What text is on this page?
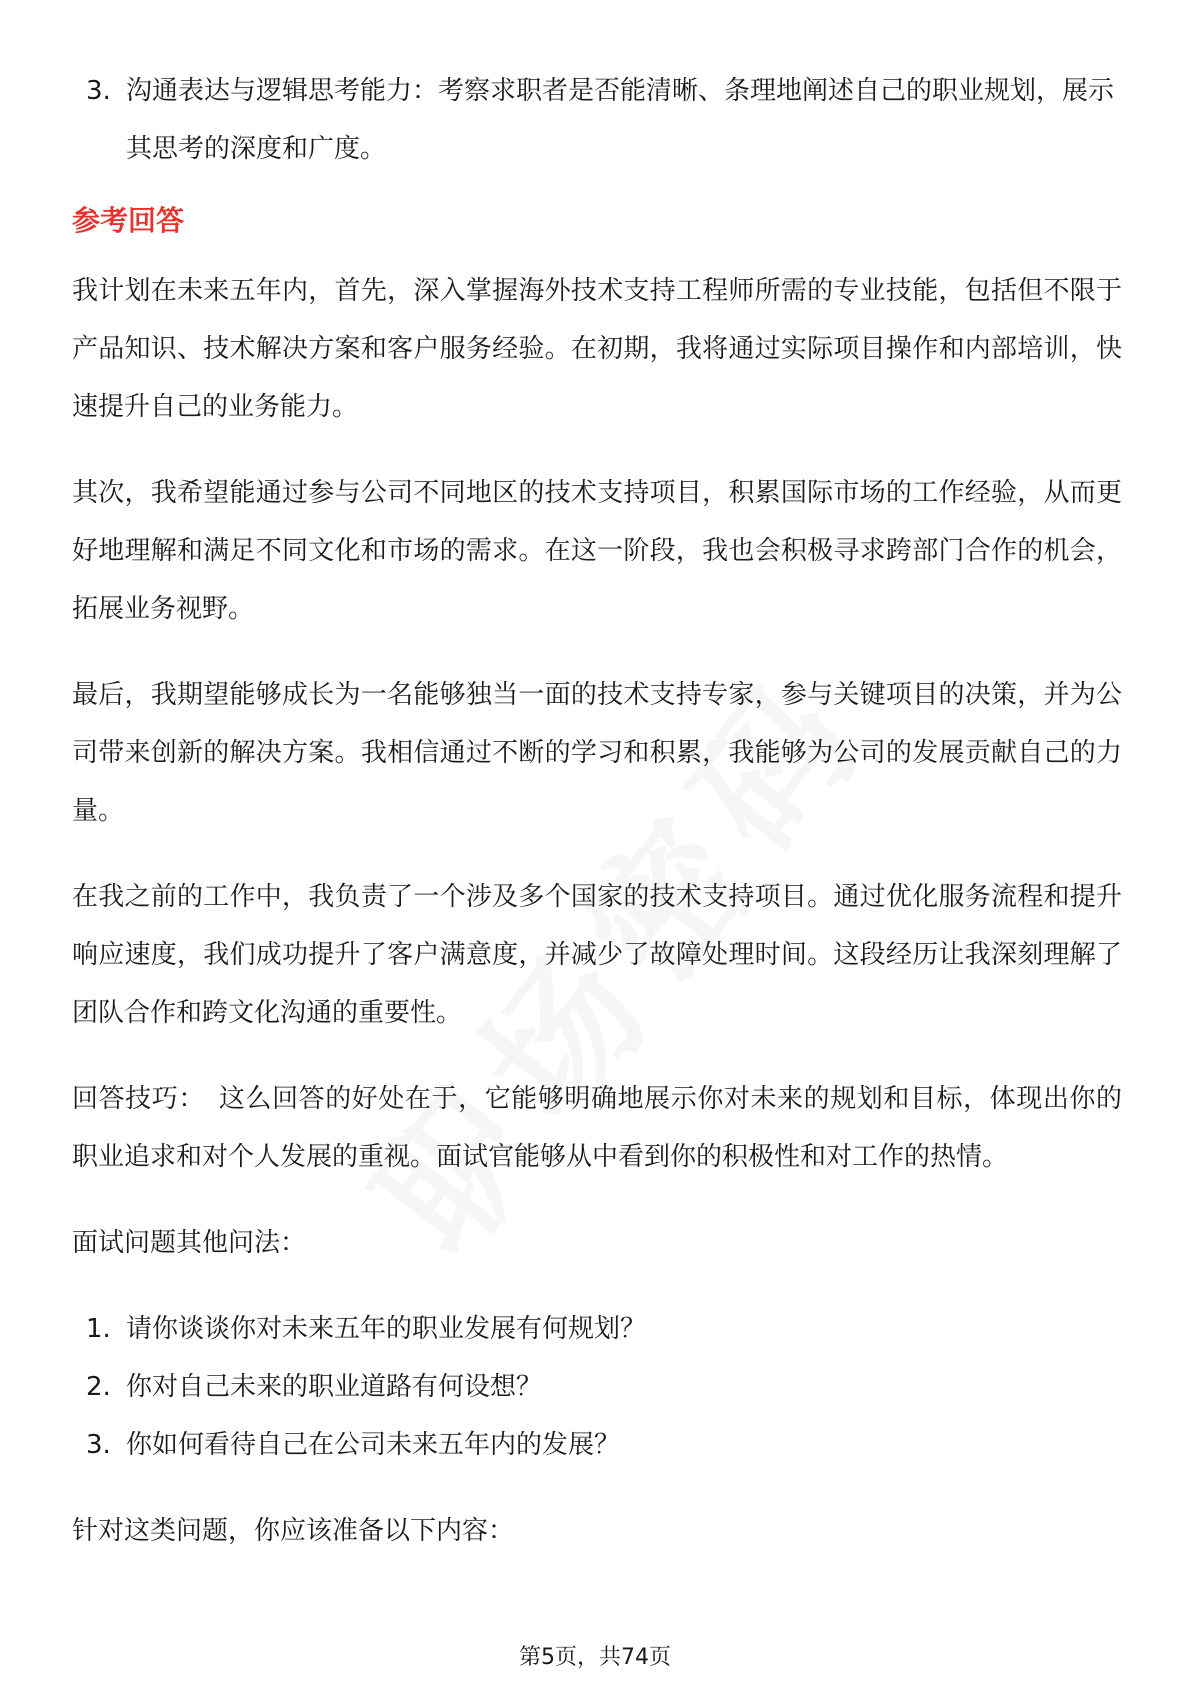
3. 沟通表达与逻辑思考能力：考察求职者是否能清晰、条理地阐述自己的职业规划，展示其思考的深度和广度。
参考回答

我计划在未来五年内，首先，深入掌握海外技术支持工程师所需的专业技能，包括但不限于产品知识、技术解决方案和客户服务经验。在初期，我将通过实际项目操作和内部培训，快速提升自己的业务能力。

其次，我希望能通过参与公司不同地区的技术支持项目，积累国际市场的工作经验，从而更好地理解和满足不同文化和市场的需求。在这一阶段，我也会积极寻求跨部门合作的机会，拓展业务视野。

最后，我期望能够成长为一名能够独当一面的技术支持专家，参与关键项目的决策，并为公司带来创新的解决方案。我相信通过不断的学习和积累，我能够为公司的发展贡献自己的力量。

在我之前的工作中，我负责了一个涉及多个国家的技术支持项目。通过优化服务流程和提升响应速度，我们成功提升了客户满意度，并减少了故障处理时间。这段经历让我深刻理解了团队合作和跨文化沟通的重要性。

回答技巧： 这么回答的好处在于，它能够明确地展示你对未来的规划和目标，体现出你的职业追求和对个人发展的重视。面试官能够从中看到你的积极性和对工作的热情。

面试问题其他问法：

1. 请你谈谈你对未来五年的职业发展有何规划？
2. 你对自己未来的职业道路有何设想？
3. 你如何看待自己在公司未来五年内的发展？

针对这类问题，你应该准备以下内容：

第5页，共74页
